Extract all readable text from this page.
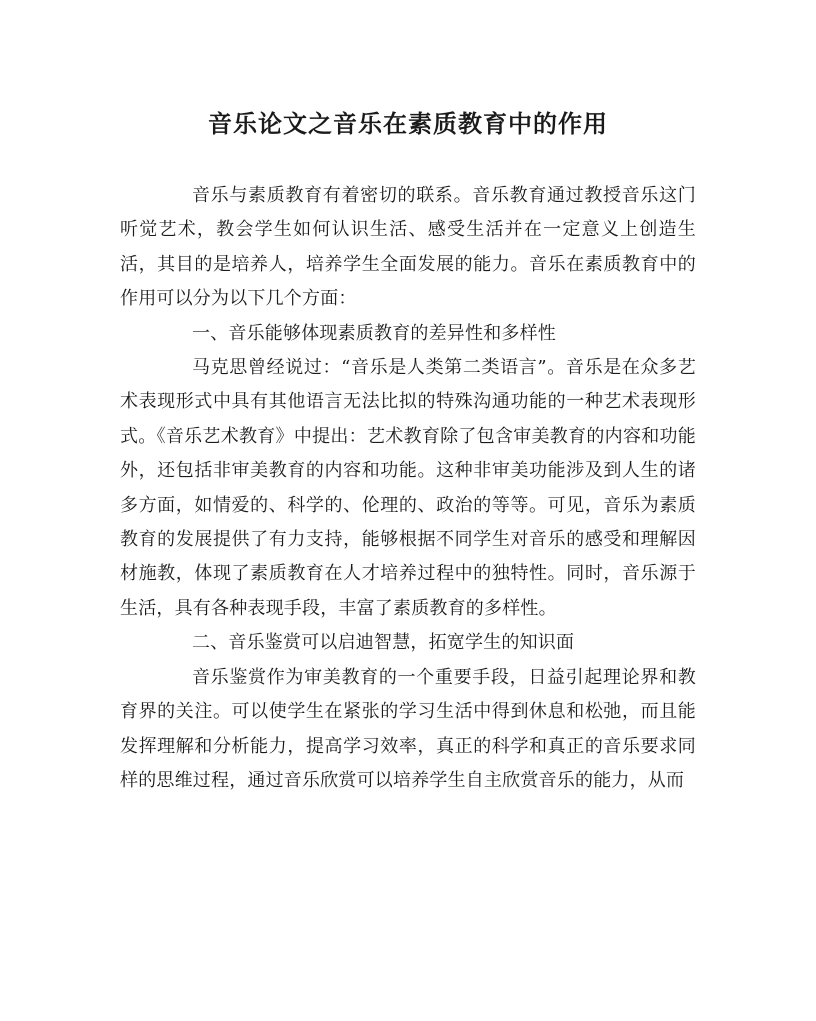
音乐论文之音乐在素质教育中的作用

音乐与素质教育有着密切的联系。音乐教育通过教授音乐这门听觉艺术，教会学生如何认识生活、感受生活并在一定意义上创造生活，其目的是培养人，培养学生全面发展的能力。音乐在素质教育中的作用可以分为以下几个方面：

一、音乐能够体现素质教育的差异性和多样性

马克思曾经说过：“音乐是人类第二类语言”。音乐是在众多艺术表现形式中具有其他语言无法比拟的特殊沟通功能的一种艺术表现形式。《音乐艺术教育》中提出：艺术教育除了包含审美教育的内容和功能外，还包括非审美教育的内容和功能。这种非审美功能涉及到人生的诸多方面，如情爱的、科学的、伦理的、政治的等等。可见，音乐为素质教育的发展提供了有力支持，能够根据不同学生对音乐的感受和理解因材施教，体现了素质教育在人才培养过程中的独特性。同时，音乐源于生活，具有各种表现手段，丰富了素质教育的多样性。

二、音乐鉴赏可以启迪智慧，拓宽学生的知识面

音乐鉴赏作为审美教育的一个重要手段，日益引起理论界和教育界的关注。可以使学生在紧张的学习生活中得到休息和松弛，而且能发挥理解和分析能力，提高学习效率，真正的科学和真正的音乐要求同样的思维过程，通过音乐欣赏可以培养学生自主欣赏音乐的能力，从而
